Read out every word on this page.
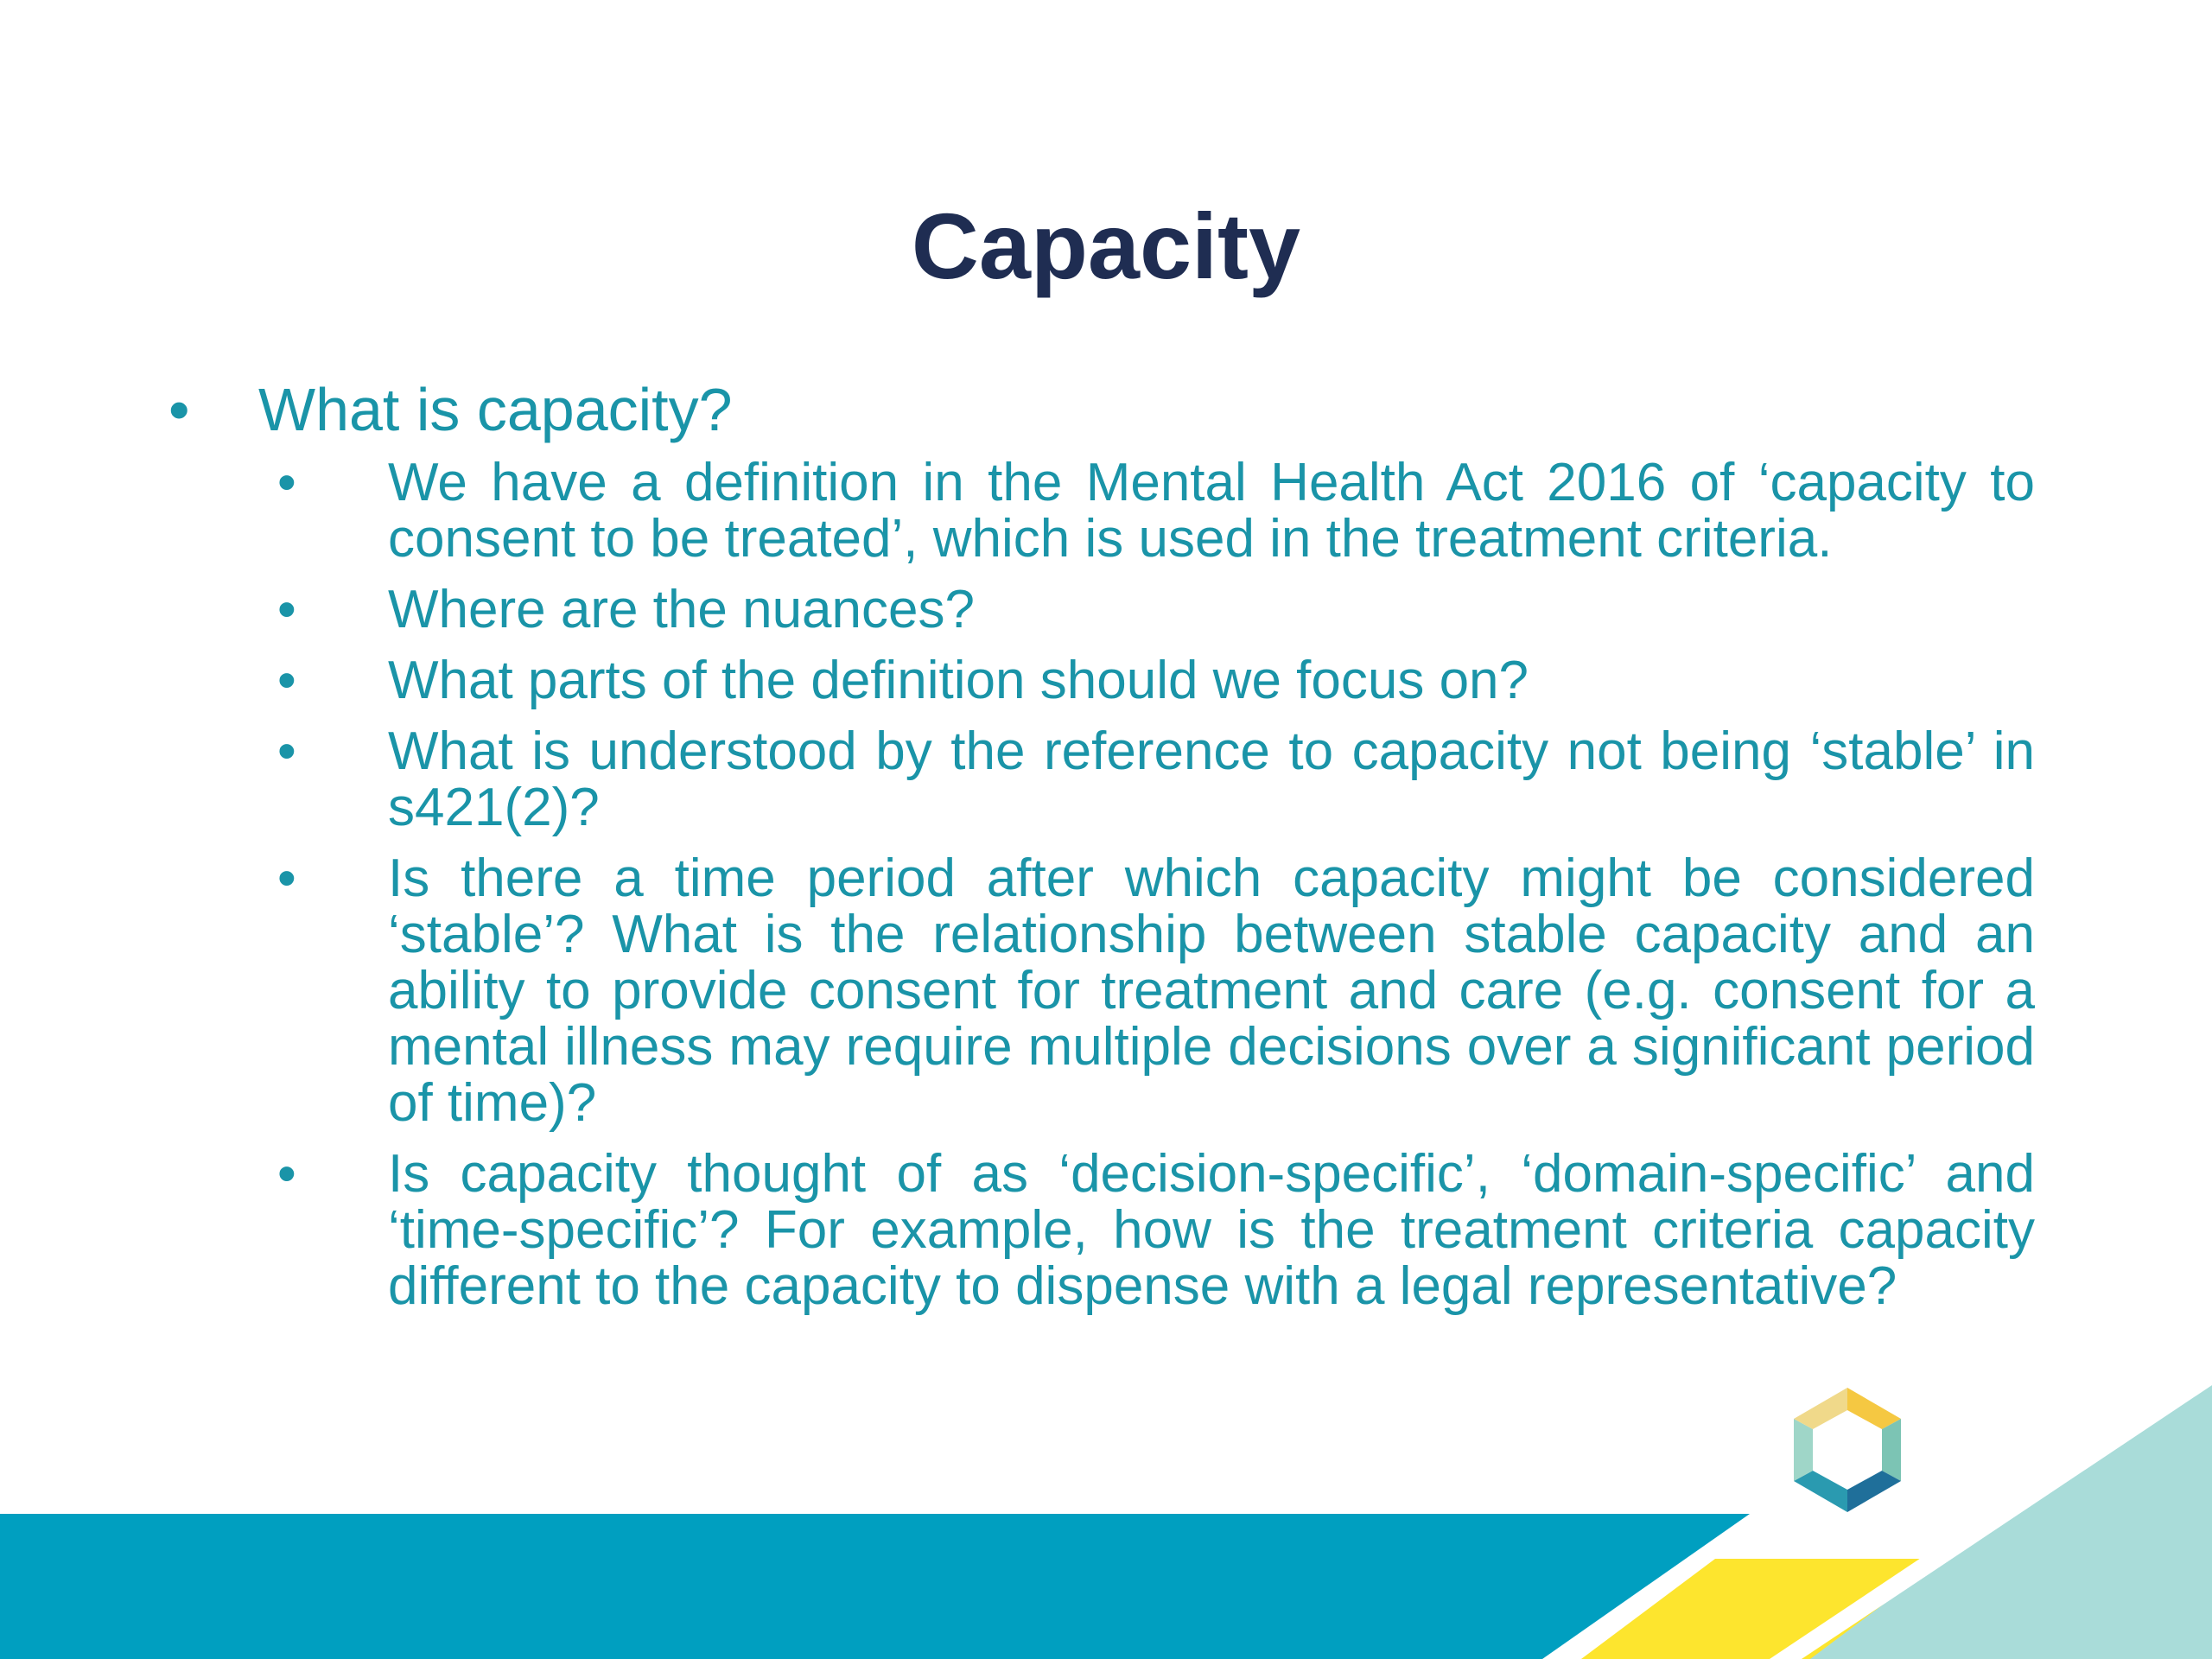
Capacity
• What is capacity?
• We have a definition in the Mental Health Act 2016 of ‘capacity to consent to be treated’, which is used in the treatment criteria.
• Where are the nuances?
• What parts of the definition should we focus on?
• What is understood by the reference to capacity not being ‘stable’ in s421(2)?
• Is there a time period after which capacity might be considered ‘stable’? What is the relationship between stable capacity and an ability to provide consent for treatment and care (e.g. consent for a mental illness may require multiple decisions over a significant period of time)?
• Is capacity thought of as ‘decision-specific’, ‘domain-specific’ and ‘time-specific’? For example, how is the treatment criteria capacity different to the capacity to dispense with a legal representative?
